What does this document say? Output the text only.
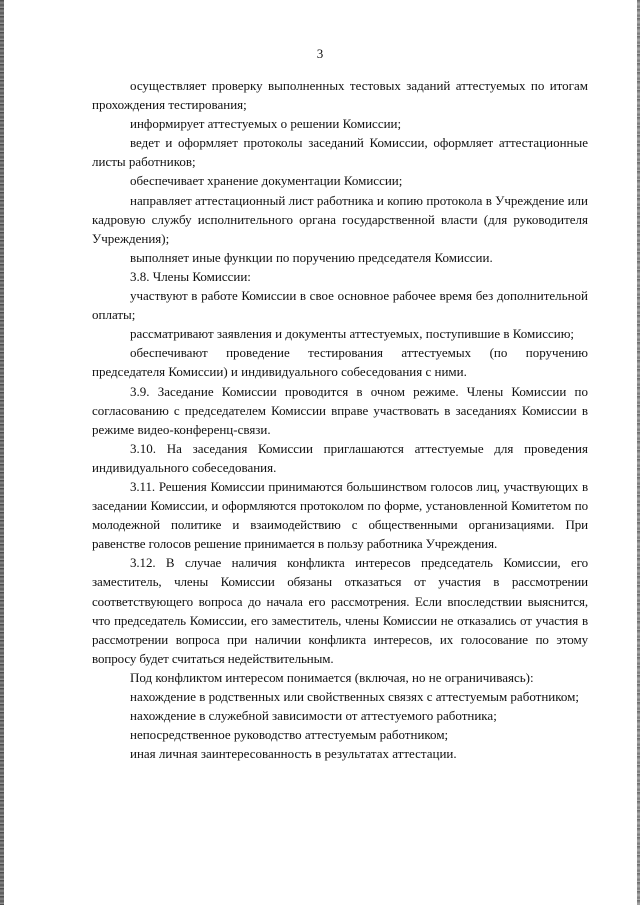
3

осуществляет проверку выполненных тестовых заданий аттестуемых по итогам прохождения тестирования;

информирует аттестуемых о решении Комиссии;

ведет и оформляет протоколы заседаний Комиссии, оформляет аттестационные листы работников;

обеспечивает хранение документации Комиссии;

направляет аттестационный лист работника и копию протокола в Учреждение или кадровую службу исполнительного органа государственной власти (для руководителя Учреждения);

выполняет иные функции по поручению председателя Комиссии.

3.8. Члены Комиссии:

участвуют в работе Комиссии в свое основное рабочее время без дополнительной оплаты;

рассматривают заявления и документы аттестуемых, поступившие в Комиссию;

обеспечивают проведение тестирования аттестуемых (по поручению председателя Комиссии) и индивидуального собеседования с ними.

3.9. Заседание Комиссии проводится в очном режиме. Члены Комиссии по согласованию с председателем Комиссии вправе участвовать в заседаниях Комиссии в режиме видео-конференц-связи.

3.10. На заседания Комиссии приглашаются аттестуемые для проведения индивидуального собеседования.

3.11. Решения Комиссии принимаются большинством голосов лиц, участвующих в заседании Комиссии, и оформляются протоколом по форме, установленной Комитетом по молодежной политике и взаимодействию с общественными организациями. При равенстве голосов решение принимается в пользу работника Учреждения.

3.12. В случае наличия конфликта интересов председатель Комиссии, его заместитель, члены Комиссии обязаны отказаться от участия в рассмотрении соответствующего вопроса до начала его рассмотрения. Если впоследствии выяснится, что председатель Комиссии, его заместитель, члены Комиссии не отказались от участия в рассмотрении вопроса при наличии конфликта интересов, их голосование по этому вопросу будет считаться недействительным.

Под конфликтом интересом понимается (включая, но не ограничиваясь):

нахождение в родственных или свойственных связях с аттестуемым работником;

нахождение в служебной зависимости от аттестуемого работника;

непосредственное руководство аттестуемым работником;

иная личная заинтересованность в результатах аттестации.
